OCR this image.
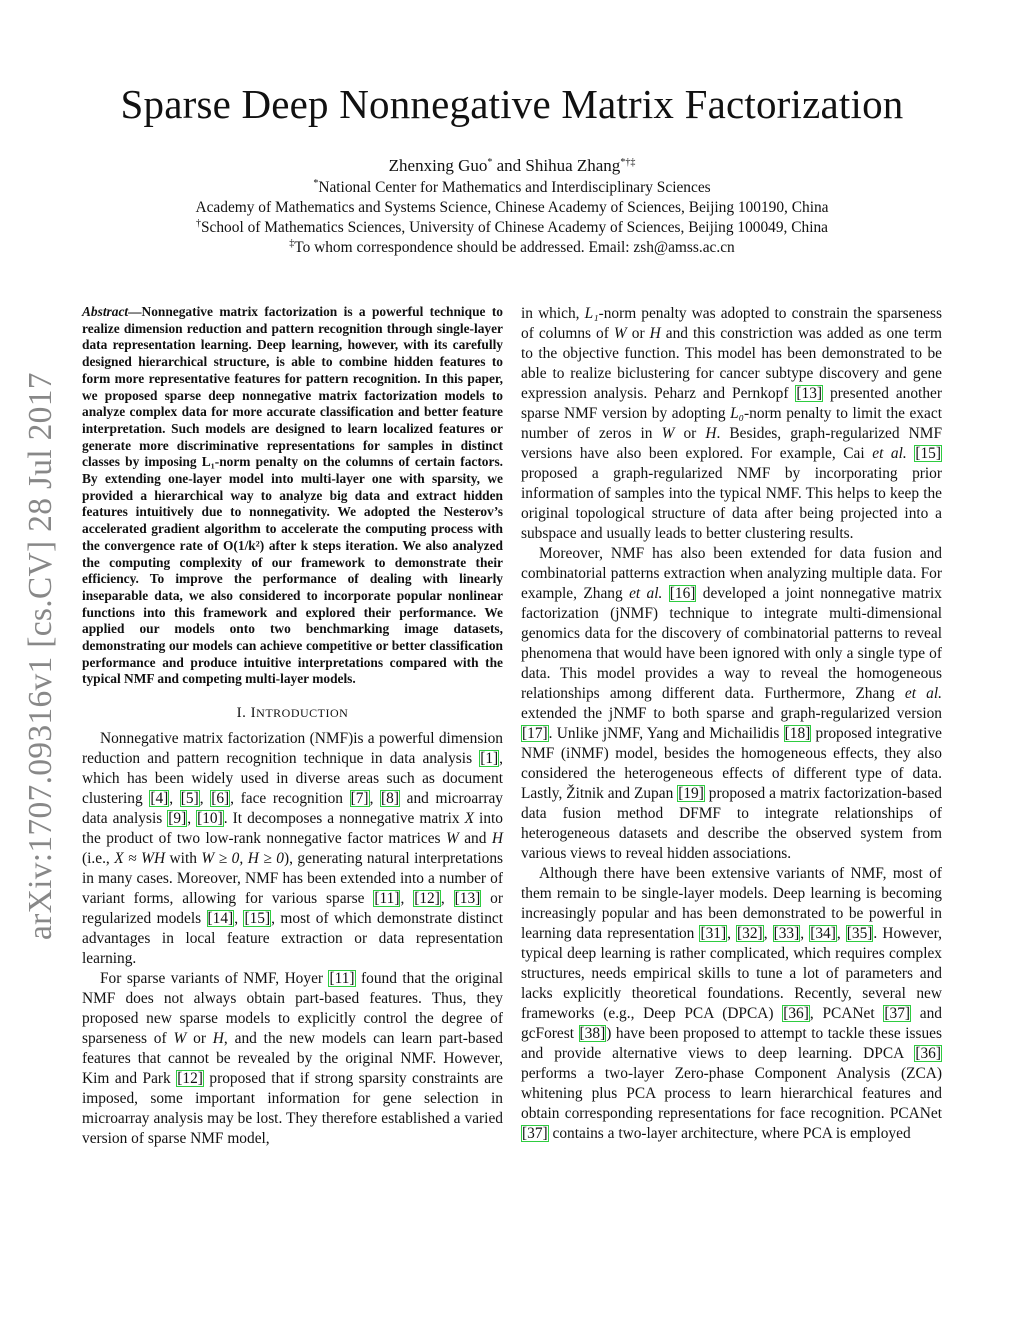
arXiv:1707.09316v1 [cs.CV] 28 Jul 2017
Sparse Deep Nonnegative Matrix Factorization
Zhenxing Guo* and Shihua Zhang*†‡
*National Center for Mathematics and Interdisciplinary Sciences
Academy of Mathematics and Systems Science, Chinese Academy of Sciences, Beijing 100190, China
†School of Mathematics Sciences, University of Chinese Academy of Sciences, Beijing 100049, China
‡To whom correspondence should be addressed. Email: zsh@amss.ac.cn

Abstract—Nonnegative matrix factorization is a powerful technique to realize dimension reduction and pattern recognition through single-layer data representation learning. Deep learning, however, with its carefully designed hierarchical structure, is able to combine hidden features to form more representative features for pattern recognition. In this paper, we proposed sparse deep nonnegative matrix factorization models to analyze complex data for more accurate classification and better feature interpretation. Such models are designed to learn localized features or generate more discriminative representations for samples in distinct classes by imposing L₁-norm penalty on the columns of certain factors. By extending one-layer model into multi-layer one with sparsity, we provided a hierarchical way to analyze big data and extract hidden features intuitively due to nonnegativity. We adopted the Nesterov’s accelerated gradient algorithm to accelerate the computing process with the convergence rate of O(1/k²) after k steps iteration. We also analyzed the computing complexity of our framework to demonstrate their efficiency. To improve the performance of dealing with linearly inseparable data, we also considered to incorporate popular nonlinear functions into this framework and explored their performance. We applied our models onto two benchmarking image datasets, demonstrating our models can achieve competitive or better classification performance and produce intuitive interpretations compared with the typical NMF and competing multi-layer models.

I. INTRODUCTION

Nonnegative matrix factorization (NMF)is a powerful dimension reduction and pattern recognition technique in data analysis [1], which has been widely used in diverse areas such as document clustering [4], [5], [6], face recognition [7], [8] and microarray data analysis [9], [10]. It decomposes a nonnegative matrix X into the product of two low-rank nonnegative factor matrices W and H (i.e., X ≈ WH with W ≥ 0, H ≥ 0), generating natural interpretations in many cases. Moreover, NMF has been extended into a number of variant forms, allowing for various sparse [11], [12], [13] or regularized models [14], [15], most of which demonstrate distinct advantages in local feature extraction or data representation learning.

For sparse variants of NMF, Hoyer [11] found that the original NMF does not always obtain part-based features. Thus, they proposed new sparse models to explicitly control the degree of sparseness of W or H, and the new models can learn part-based features that cannot be revealed by the original NMF. However, Kim and Park [12] proposed that if strong sparsity constraints are imposed, some important information for gene selection in microarray analysis may be lost. They therefore established a varied version of sparse NMF model,

in which, L₁-norm penalty was adopted to constrain the sparseness of columns of W or H and this constriction was added as one term to the objective function. This model has been demonstrated to be able to realize biclustering for cancer subtype discovery and gene expression analysis. Peharz and Pernkopf [13] presented another sparse NMF version by adopting L₀-norm penalty to limit the exact number of zeros in W or H. Besides, graph-regularized NMF versions have also been explored. For example, Cai et al. [15] proposed a graph-regularized NMF by incorporating prior information of samples into the typical NMF. This helps to keep the original topological structure of data after being projected into a subspace and usually leads to better clustering results.

Moreover, NMF has also been extended for data fusion and combinatorial patterns extraction when analyzing multiple data. For example, Zhang et al. [16] developed a joint nonnegative matrix factorization (jNMF) technique to integrate multi-dimensional genomics data for the discovery of combinatorial patterns to reveal phenomena that would have been ignored with only a single type of data. This model provides a way to reveal the homogeneous relationships among different data. Furthermore, Zhang et al. extended the jNMF to both sparse and graph-regularized version [17]. Unlike jNMF, Yang and Michailidis [18] proposed integrative NMF (iNMF) model, besides the homogeneous effects, they also considered the heterogeneous effects of different type of data. Lastly, Žitnik and Zupan [19] proposed a matrix factorization-based data fusion method DFMF to integrate relationships of heterogeneous datasets and describe the observed system from various views to reveal hidden associations.

Although there have been extensive variants of NMF, most of them remain to be single-layer models. Deep learning is becoming increasingly popular and has been demonstrated to be powerful in learning data representation [31], [32], [33], [34], [35]. However, typical deep learning is rather complicated, which requires complex structures, needs empirical skills to tune a lot of parameters and lacks explicitly theoretical foundations. Recently, several new frameworks (e.g., Deep PCA (DPCA) [36], PCANet [37] and gcForest [38]) have been proposed to attempt to tackle these issues and provide alternative views to deep learning. DPCA [36] performs a two-layer Zero-phase Component Analysis (ZCA) whitening plus PCA process to learn hierarchical features and obtain corresponding representations for face recognition. PCANet [37] contains a two-layer architecture, where PCA is employed
